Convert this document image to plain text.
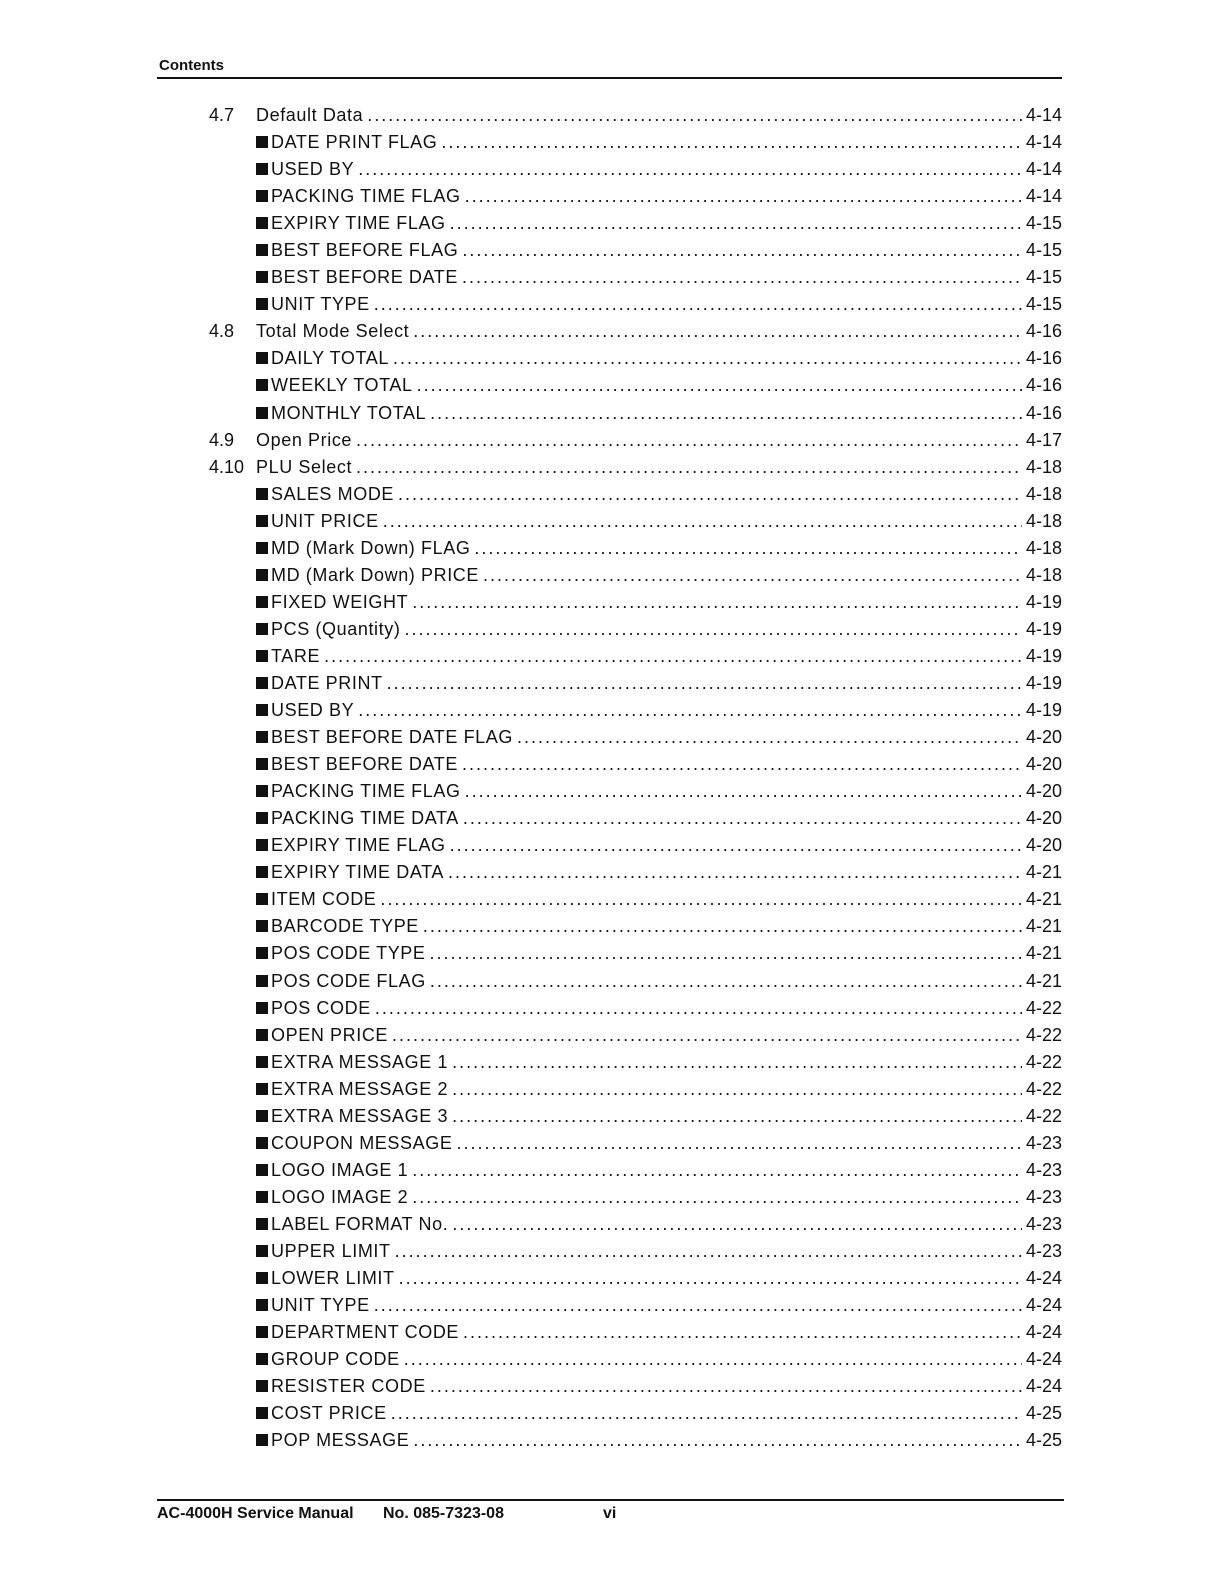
Contents
4.7 Default Data .....	4-14
DATE PRINT FLAG .....	4-14
USED BY .....	4-14
PACKING TIME FLAG .....	4-14
EXPIRY TIME FLAG .....	4-15
BEST BEFORE FLAG .....	4-15
BEST BEFORE DATE .....	4-15
UNIT TYPE .....	4-15
4.8 Total Mode Select .....	4-16
DAILY TOTAL .....	4-16
WEEKLY TOTAL .....	4-16
MONTHLY TOTAL .....	4-16
4.9 Open Price .....	4-17
4.10 PLU Select .....	4-18
SALES MODE .....	4-18
UNIT PRICE .....	4-18
MD (Mark Down) FLAG .....	4-18
MD (Mark Down) PRICE .....	4-18
FIXED WEIGHT .....	4-19
PCS (Quantity) .....	4-19
TARE .....	4-19
DATE PRINT .....	4-19
USED BY .....	4-19
BEST BEFORE DATE FLAG .....	4-20
BEST BEFORE DATE .....	4-20
PACKING TIME FLAG .....	4-20
PACKING TIME DATA .....	4-20
EXPIRY TIME FLAG .....	4-20
EXPIRY TIME DATA .....	4-21
ITEM CODE .....	4-21
BARCODE TYPE .....	4-21
POS CODE TYPE .....	4-21
POS CODE FLAG .....	4-21
POS CODE .....	4-22
OPEN PRICE .....	4-22
EXTRA MESSAGE 1 .....	4-22
EXTRA MESSAGE 2 .....	4-22
EXTRA MESSAGE 3 .....	4-22
COUPON MESSAGE .....	4-23
LOGO IMAGE 1 .....	4-23
LOGO IMAGE 2 .....	4-23
LABEL FORMAT No. .....	4-23
UPPER LIMIT .....	4-23
LOWER LIMIT .....	4-24
UNIT TYPE .....	4-24
DEPARTMENT CODE .....	4-24
GROUP CODE .....	4-24
RESISTER CODE .....	4-24
COST PRICE .....	4-25
POP MESSAGE .....	4-25
AC-4000H Service Manual No. 085-7323-08	vi
